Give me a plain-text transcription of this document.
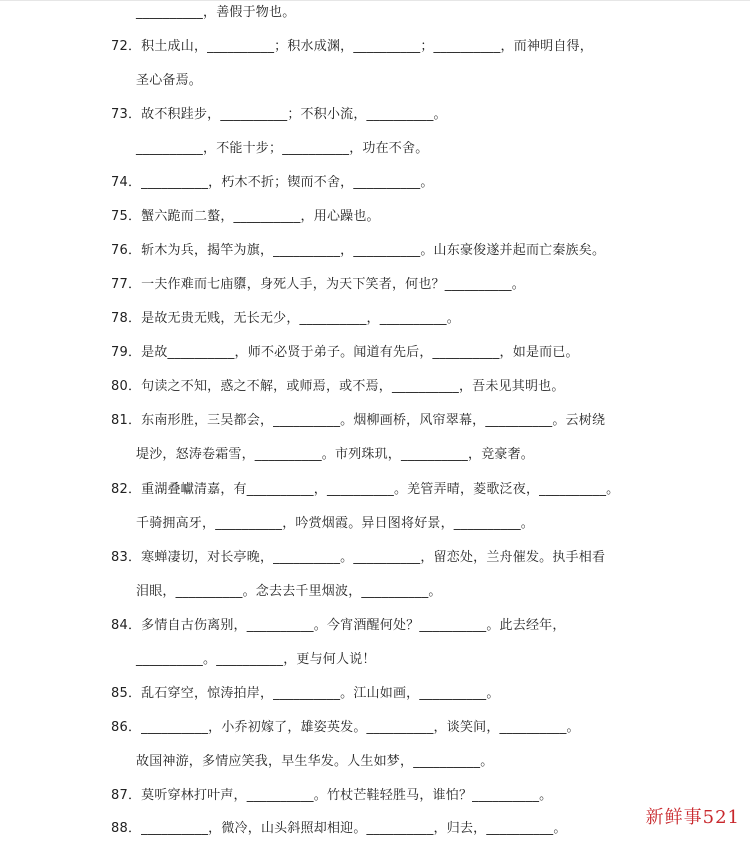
__________，善假于物也。
72．积土成山，__________；积水成渊，__________；__________，而神明自得，
圣心备焉。
73．故不积跬步，__________；不积小流，__________。
__________，不能十步；__________，功在不舍。
74．__________，朽木不折；锲而不舍，__________。
75．蟹六跪而二螯，__________，用心躁也。
76．斩木为兵，揭竿为旗，__________，__________。山东豪俊遂并起而亡秦族矣。
77．一夫作难而七庙隳，身死人手，为天下笑者，何也？__________。
78．是故无贵无贱，无长无少，__________，__________。
79．是故__________，师不必贤于弟子。闻道有先后，__________，如是而已。
80．句读之不知，惑之不解，或师焉，或不焉，__________，吾未见其明也。
81．东南形胜，三吴都会，__________。烟柳画桥，风帘翠幕，__________。云树绕
堤沙，怒涛卷霜雪，__________。市列珠玑，__________，竞豪奢。
82．重湖叠巘清嘉，有__________，__________。羌管弄晴，菱歌泛夜，__________。
千骑拥高牙，__________，吟赏烟霞。异日图将好景，__________。
83．寒蝉凄切，对长亭晚，__________。__________，留恋处，兰舟催发。执手相看
泪眼，__________。念去去千里烟波，__________。
84．多情自古伤离别，__________。今宵酒醒何处？__________。此去经年，
__________。__________，更与何人说！
85．乱石穿空，惊涛拍岸，__________。江山如画，__________。
86．__________，小乔初嫁了，雄姿英发。__________，谈笑间，__________。
故国神游，多情应笑我，早生华发。人生如梦，__________。
87．莫听穿林打叶声，__________。竹杖芒鞋轻胜马，谁怕？__________。
88．__________，微冷，山头斜照却相迎。__________，归去，__________。
新鲜事521
